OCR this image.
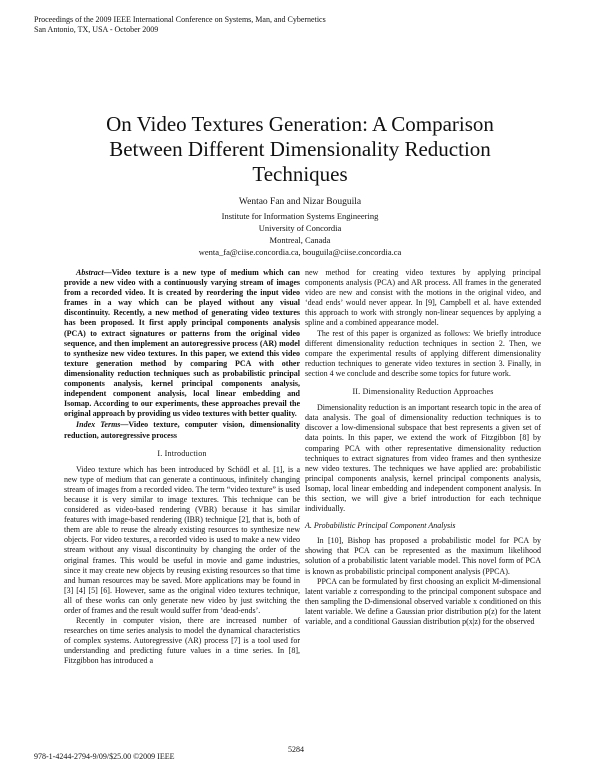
Proceedings of the 2009 IEEE International Conference on Systems, Man, and Cybernetics
San Antonio, TX, USA - October 2009
On Video Textures Generation: A Comparison
Between Different Dimensionality Reduction
Techniques
Wentao Fan and Nizar Bouguila
Institute for Information Systems Engineering
University of Concordia
Montreal, Canada
wenta_fa@ciise.concordia.ca, bouguila@ciise.concordia.ca

Abstract—Video texture is a new type of medium which can provide a new video with a continuously varying stream of images from a recorded video. It is created by reordering the input video frames in a way which can be played without any visual discontinuity. Recently, a new method of generating video textures has been proposed. It first apply principal components analysis (PCA) to extract signatures or patterns from the original video sequence, and then implement an autoregressive process (AR) model to synthesize new video textures. In this paper, we extend this video texture generation method by comparing PCA with other dimensionality reduction techniques such as probabilistic principal components analysis, kernel principal components analysis, independent component analysis, local linear embedding and Isomap. According to our experiments, these approaches prevail the original approach by providing us video textures with better quality.

Index Terms—Video texture, computer vision, dimensionality reduction, autoregressive process

I. Introduction

Video texture which has been introduced by Schödl et al. [1], is a new type of medium that can generate a continuous, infinitely changing stream of images from a recorded video. The term “video texture” is used because it is very similar to image textures. This technique can be considered as video-based rendering (VBR) because it has similar features with image-based rendering (IBR) technique [2], that is, both of them are able to reuse the already existing resources to synthesize new objects. For video textures, a recorded video is used to make a new video stream without any visual discontinuity by changing the order of the original frames. This would be useful in movie and game industries, since it may create new objects by reusing existing resources so that time and human resources may be saved. More applications may be found in [3] [4] [5] [6]. However, same as the original video textures technique, all of these works can only generate new video by just switching the order of frames and the result would suffer from ‘dead-ends’.

Recently in computer vision, there are increased number of researches on time series analysis to model the dynamical characteristics of complex systems. Autoregressive (AR) process [7] is a tool used for understanding and predicting future values in a time series. In [8], Fitzgibbon has introduced a

new method for creating video textures by applying principal components analysis (PCA) and AR process. All frames in the generated video are new and consist with the motions in the original video, and ‘dead ends’ would never appear. In [9], Campbell et al. have extended this approach to work with strongly non-linear sequences by applying a spline and a combined appearance model.

The rest of this paper is organized as follows: We briefly introduce different dimensionality reduction techniques in section 2. Then, we compare the experimental results of applying different dimensionality reduction techniques to generate video textures in section 3. Finally, in section 4 we conclude and describe some topics for future work.

II. Dimensionality Reduction Approaches

Dimensionality reduction is an important research topic in the area of data analysis. The goal of dimensionality reduction techniques is to discover a low-dimensional subspace that best represents a given set of data points. In this paper, we extend the work of Fitzgibbon [8] by comparing PCA with other representative dimensionality reduction techniques to extract signatures from video frames and then synthesize new video textures. The techniques we have applied are: probabilistic principal components analysis, kernel principal components analysis, Isomap, local linear embedding and independent component analysis. In this section, we will give a brief introduction for each technique individually.

A. Probabilistic Principal Component Analysis

In [10], Bishop has proposed a probabilistic model for PCA by showing that PCA can be represented as the maximum likelihood solution of a probabilistic latent variable model. This novel form of PCA is known as probabilistic principal component analysis (PPCA).

PPCA can be formulated by first choosing an explicit M-dimensional latent variable z corresponding to the principal component subspace and then sampling the D-dimensional observed variable x conditioned on this latent variable. We define a Gaussian prior distribution p(z) for the latent variable, and a conditional Gaussian distribution p(x|z) for the observed

5284
978-1-4244-2794-9/09/$25.00 ©2009 IEEE
